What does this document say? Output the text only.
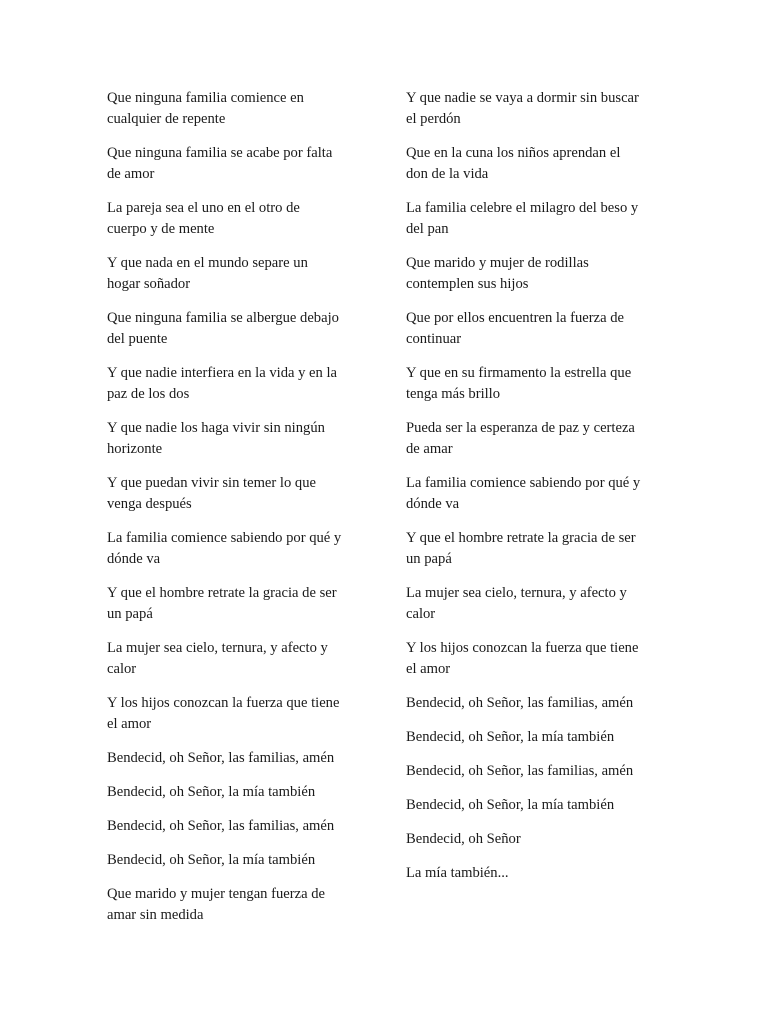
Que ninguna familia comience en
cualquier de repente

Que ninguna familia se acabe por falta
de amor

La pareja sea el uno en el otro de
cuerpo y de mente

Y que nada en el mundo separe un
hogar soñador

Que ninguna familia se albergue debajo
del puente

Y que nadie interfiera en la vida y en la
paz de los dos

Y que nadie los haga vivir sin ningún
horizonte

Y que puedan vivir sin temer lo que
venga después

La familia comience sabiendo por qué y
dónde va

Y que el hombre retrate la gracia de ser
un papá

La mujer sea cielo, ternura, y afecto y
calor

Y los hijos conozcan la fuerza que tiene
el amor

Bendecid, oh Señor, las familias, amén

Bendecid, oh Señor, la mía también

Bendecid, oh Señor, las familias, amén

Bendecid, oh Señor, la mía también

Que marido y mujer tengan fuerza de
amar sin medida

Y que nadie se vaya a dormir sin buscar
el perdón

Que en la cuna los niños aprendan el
don de la vida

La familia celebre el milagro del beso y
del pan

Que marido y mujer de rodillas
contemplen sus hijos

Que por ellos encuentren la fuerza de
continuar

Y que en su firmamento la estrella que
tenga más brillo

Pueda ser la esperanza de paz y certeza
de amar

La familia comience sabiendo por qué y
dónde va

Y que el hombre retrate la gracia de ser
un papá

La mujer sea cielo, ternura, y afecto y
calor

Y los hijos conozcan la fuerza que tiene
el amor

Bendecid, oh Señor, las familias, amén

Bendecid, oh Señor, la mía también

Bendecid, oh Señor, las familias, amén

Bendecid, oh Señor, la mía también

Bendecid, oh Señor

La mía también...
